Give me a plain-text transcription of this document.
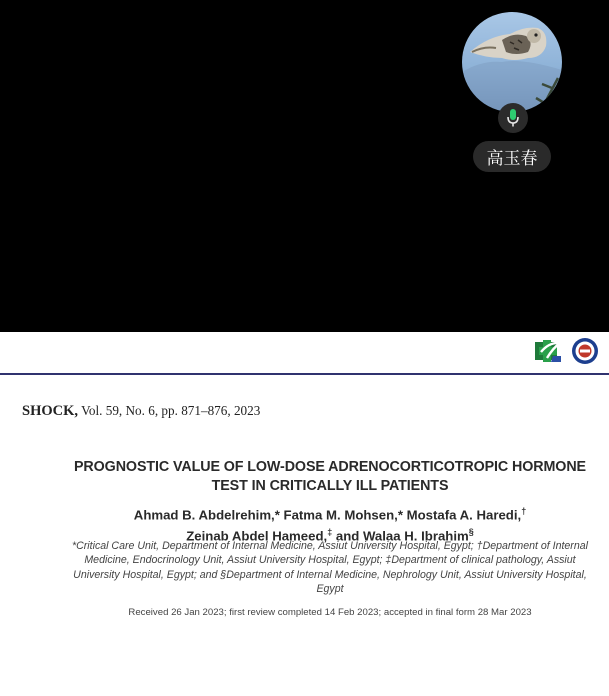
高玉春
SHOCK, Vol. 59, No. 6, pp. 871–876, 2023
PROGNOSTIC VALUE OF LOW-DOSE ADRENOCORTICOTROPIC HORMONE
TEST IN CRITICALLY ILL PATIENTS
Ahmad B. Abdelrehim,* Fatma M. Mohsen,* Mostafa A. Haredi,†
Zeinab Abdel Hameed,‡ and Walaa H. Ibrahim§
*Critical Care Unit, Department of Internal Medicine, Assiut University Hospital, Egypt; †Department of Internal Medicine, Endocrinology Unit, Assiut University Hospital, Egypt; ‡Department of clinical pathology, Assiut University Hospital, Egypt; and §Department of Internal Medicine, Nephrology Unit, Assiut University Hospital, Egypt
Received 26 Jan 2023; first review completed 14 Feb 2023; accepted in final form 28 Mar 2023
